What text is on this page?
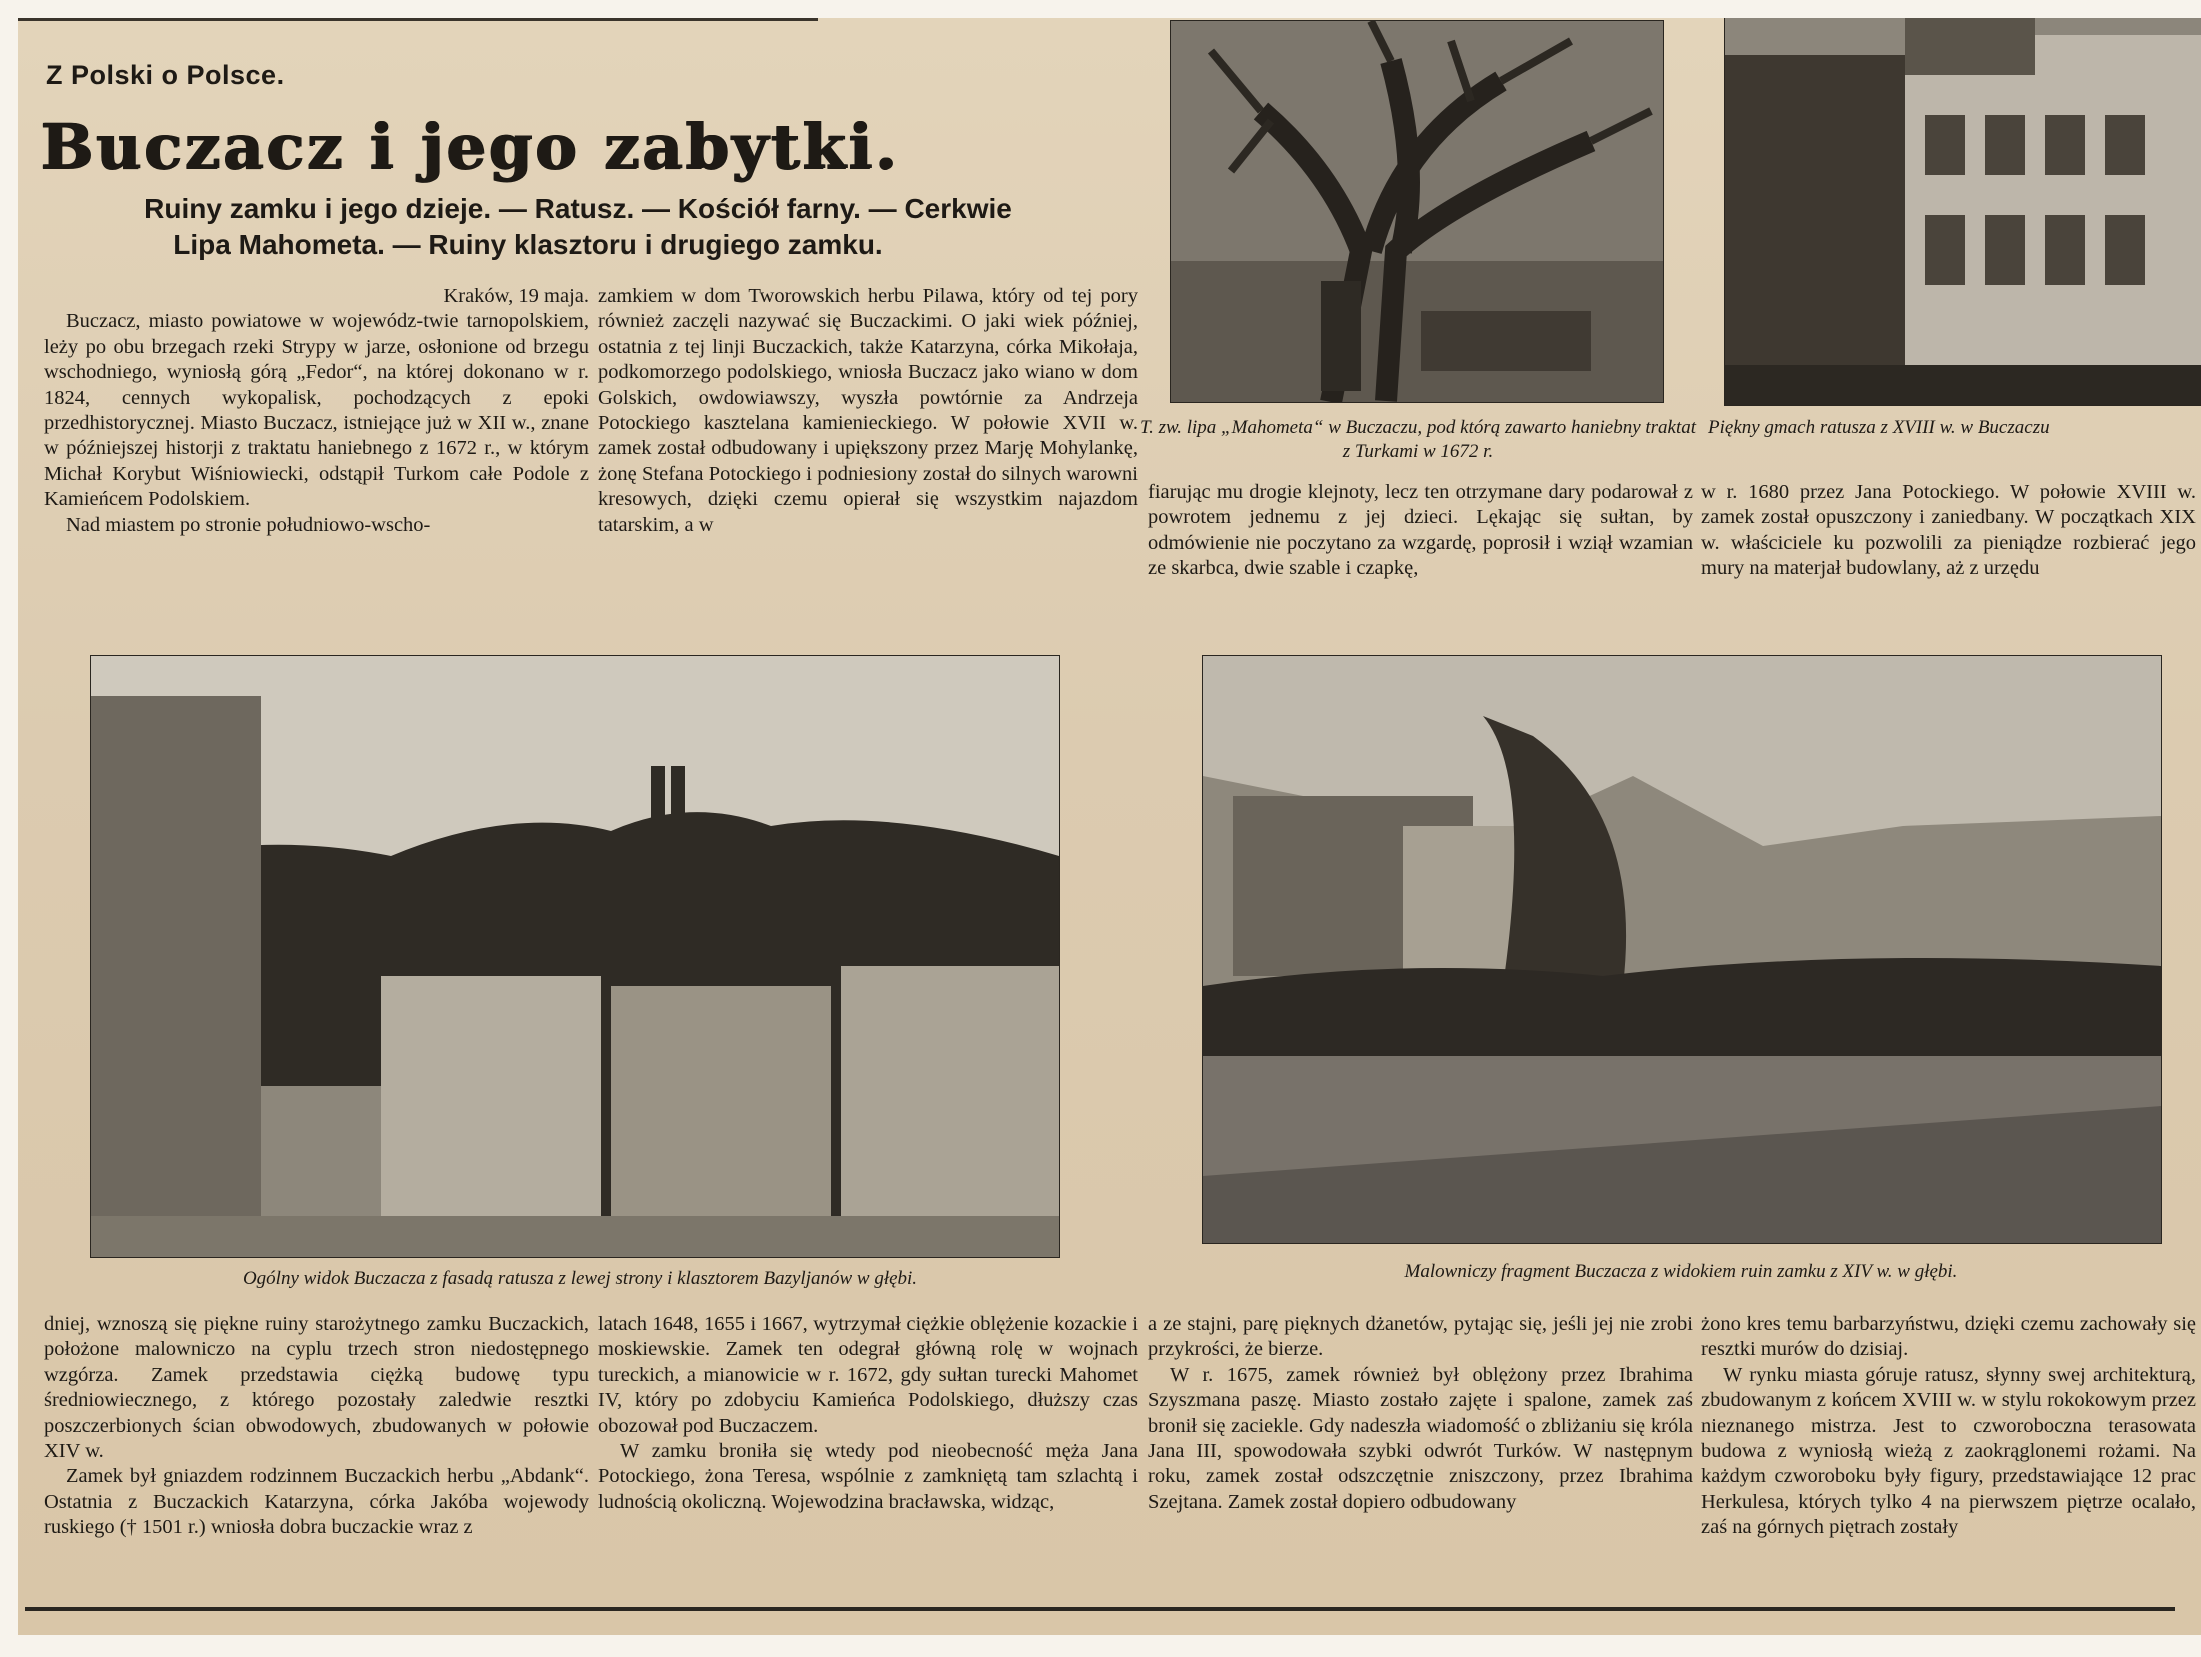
Z Polski o Polsce.
Buczacz i jego zabytki.
Ruiny zamku i jego dzieje. — Ratusz. — Kościół farny. — Cerkwie
Lipa Mahometa. — Ruiny klasztoru i drugiego zamku.

Kraków, 19 maja.

Buczacz, miasto powiatowe w wojewódz-twie tarnopolskiem, leży po obu brzegach rzeki Strypy w jarze, osłonione od brzegu wschodniego, wyniosłą górą „Fedor“, na której dokonano w r. 1824, cennych wykopalisk, pochodzących z epoki przedhistorycznej. Miasto Buczacz, istniejące już w XII w., znane w późniejszej historji z traktatu haniebnego z 1672 r., w którym Michał Korybut Wiśniowiecki, odstąpił Turkom całe Podole z Kamieńcem Podolskiem.

Nad miastem po stronie południowo-wscho-

zamkiem w dom Tworowskich herbu Pilawa, który od tej pory również zaczęli nazywać się Buczackimi. O jaki wiek później, ostatnia z tej linji Buczackich, także Katarzyna, córka Mikołaja, podkomorzego podolskiego, wniosła Buczacz jako wiano w dom Golskich, owdowiawszy, wyszła powtórnie za Andrzeja Potockiego kasztelana kamienieckiego. W połowie XVII w. zamek został odbudowany i upiększony przez Marję Mohylankę, żonę Stefana Potockiego i podniesiony został do silnych warowni kresowych, dzięki czemu opierał się wszystkim najazdom tatarskim, a w

fiarując mu drogie klejnoty, lecz ten otrzymane dary podarował z powrotem jednemu z jej dzieci. Lękając się sułtan, by odmówienie nie poczytano za wzgardę, poprosił i wziął wzamian ze skarbca, dwie szable i czapkę,

w r. 1680 przez Jana Potockiego. W połowie XVIII w. zamek został opuszczony i zaniedbany. W początkach XIX w. właściciele ku pozwolili za pieniądze rozbierać jego mury na materjał budowlany, aż z urzędu

T. zw. lipa „Mahometa“ w Buczaczu, pod którą zawarto haniebny traktat z Turkami w 1672 r.
Piękny gmach ratusza z XVIII w. w Buczaczu
Ogólny widok Buczacza z fasadą ratusza z lewej strony i klasztorem Bazyljanów w głębi.	Malowniczy fragment Buczacza z widokiem ruin zamku z XIV w. w głębi.

dniej, wznoszą się piękne ruiny starożytnego zamku Buczackich, położone malowniczo na cyplu trzech stron niedostępnego wzgórza. Zamek przedstawia ciężką budowę typu średniowiecznego, z którego pozostały zaledwie resztki poszczerbionych ścian obwodowych, zbudowanych w połowie XIV w.

Zamek był gniazdem rodzinnem Buczackich herbu „Abdank“. Ostatnia z Buczackich Katarzyna, córka Jakóba wojewody ruskiego († 1501 r.) wniosła dobra buczackie wraz z

latach 1648, 1655 i 1667, wytrzymał ciężkie oblężenie kozackie i moskiewskie. Zamek ten odegrał główną rolę w wojnach tureckich, a mianowicie w r. 1672, gdy sułtan turecki Mahomet IV, który po zdobyciu Kamieńca Podolskiego, dłuższy czas obozował pod Buczaczem.

W zamku broniła się wtedy pod nieobecność męża Jana Potockiego, żona Teresa, wspólnie z zamkniętą tam szlachtą i ludnością okoliczną. Wojewodzina bracławska, widząc,

a ze stajni, parę pięknych dżanetów, pytając się, jeśli jej nie zrobi przykrości, że bierze.

W r. 1675, zamek również był oblężony przez Ibrahima Szyszmana paszę. Miasto zostało zajęte i spalone, zamek zaś bronił się zaciekle. Gdy nadeszła wiadomość o zbliżaniu się króla Jana III, spowodowała szybki odwrót Turków. W następnym roku, zamek został odszczętnie zniszczony, przez Ibrahima Szejtana. Zamek został dopiero odbudowany

żono kres temu barbarzyństwu, dzięki czemu zachowały się resztki murów do dzisiaj.

W rynku miasta góruje ratusz, słynny swej architekturą, zbudowanym z końcem XVIII w. w stylu rokokowym przez nieznanego mistrza. Jest to czworoboczna terasowata budowa z wyniosłą wieżą z zaokrąglonemi rożami. Na każdym czworoboku były figury, przedstawiające 12 prac Herkulesa, których tylko 4 na pierwszem piętrze ocalało, zaś na górnych piętrach zostały
